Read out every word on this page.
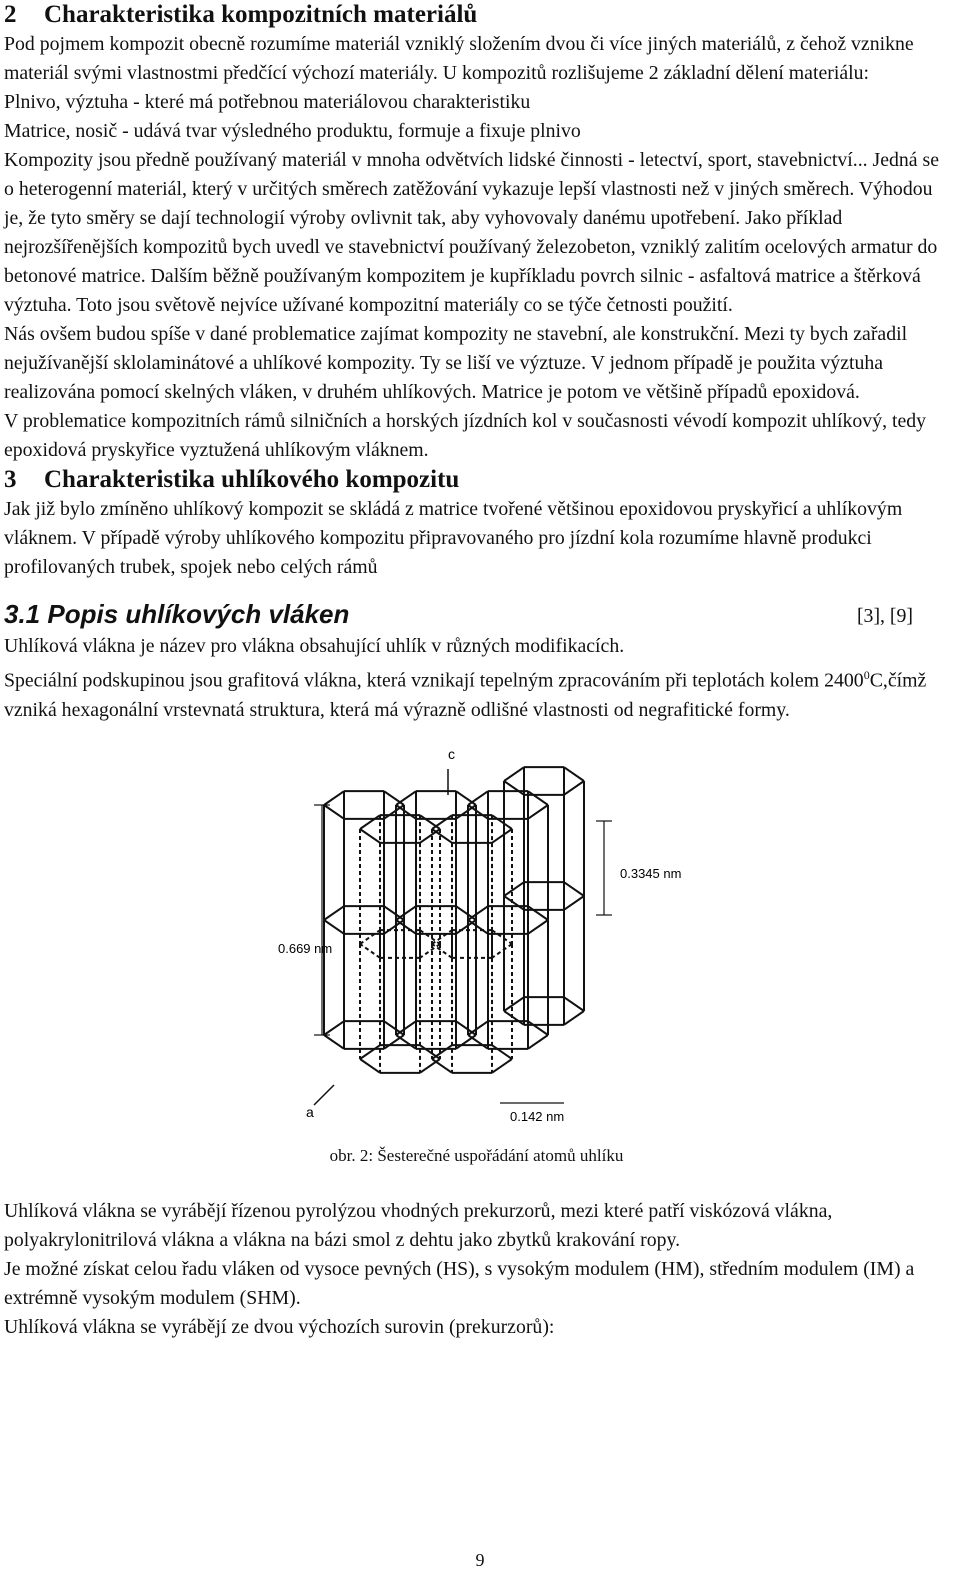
2 Charakteristika kompozitních materiálů

Pod pojmem kompozit obecně rozumíme materiál vzniklý složením dvou či více jiných materiálů, z čehož vznikne materiál svými vlastnostmi předčící výchozí materiály. U kompozitů rozlišujeme 2 základní dělení materiálu:

Plnivo, výztuha - které má potřebnou materiálovou charakteristiku

Matrice, nosič - udává tvar výsledného produktu, formuje a fixuje plnivo

Kompozity jsou předně používaný materiál v mnoha odvětvích lidské činnosti - letectví, sport, stavebnictví... Jedná se o heterogenní materiál, který v určitých směrech zatěžování vykazuje lepší vlastnosti než v jiných směrech. Výhodou je, že tyto směry se dají technologií výroby ovlivnit tak, aby vyhovovaly danému upotřebení. Jako příklad nejrozšířenějších kompozitů bych uvedl ve stavebnictví používaný železobeton, vzniklý zalitím ocelových armatur do betonové matrice. Dalším běžně používaným kompozitem je kupříkladu povrch silnic - asfaltová matrice a štěrková výztuha. Toto jsou světově nejvíce užívané kompozitní materiály co se týče četnosti použití.

Nás ovšem budou spíše v dané problematice zajímat kompozity ne stavební, ale konstrukční. Mezi ty bych zařadil nejužívanější sklolaminátové a uhlíkové kompozity. Ty se liší ve výztuze. V jednom případě je použita výztuha realizována pomocí skelných vláken, v druhém uhlíkových. Matrice je potom ve většině případů epoxidová.

V problematice kompozitních rámů silničních a horských jízdních kol v současnosti vévodí kompozit uhlíkový, tedy epoxidová pryskyřice vyztužená uhlíkovým vláknem.

3 Charakteristika uhlíkového kompozitu

Jak již bylo zmíněno uhlíkový kompozit se skládá z matrice tvořené většinou epoxidovou pryskyřicí a uhlíkovým vláknem. V případě výroby uhlíkového kompozitu připravovaného pro jízdní kola rozumíme hlavně produkci profilovaných trubek, spojek nebo celých rámů

3.1 Popis uhlíkových vláken	[3], [9]

Uhlíková vlákna je název pro vlákna obsahující uhlík v různých modifikacích.

Speciální podskupinou jsou grafitová vlákna, která vznikají tepelným zpracováním při teplotách kolem 2400$^0$C,čímž vzniká hexagonální vrstevnatá struktura, která má výrazně odlišné vlastnosti od negrafitické formy.

c
a
0.3345 nm
0.669 nm
0.142 nm

obr. 2: Šesterečné uspořádání atomů uhlíku

Uhlíková vlákna se vyrábějí řízenou pyrolýzou vhodných prekurzorů, mezi které patří viskózová vlákna, polyakrylonitrilová vlákna a vlákna na bázi smol z dehtu jako zbytků krakování ropy.

Je možné získat celou řadu vláken od vysoce pevných (HS), s vysokým modulem (HM), středním modulem (IM) a extrémně vysokým modulem (SHM).

Uhlíková vlákna se vyrábějí ze dvou výchozích surovin (prekurzorů):

9
